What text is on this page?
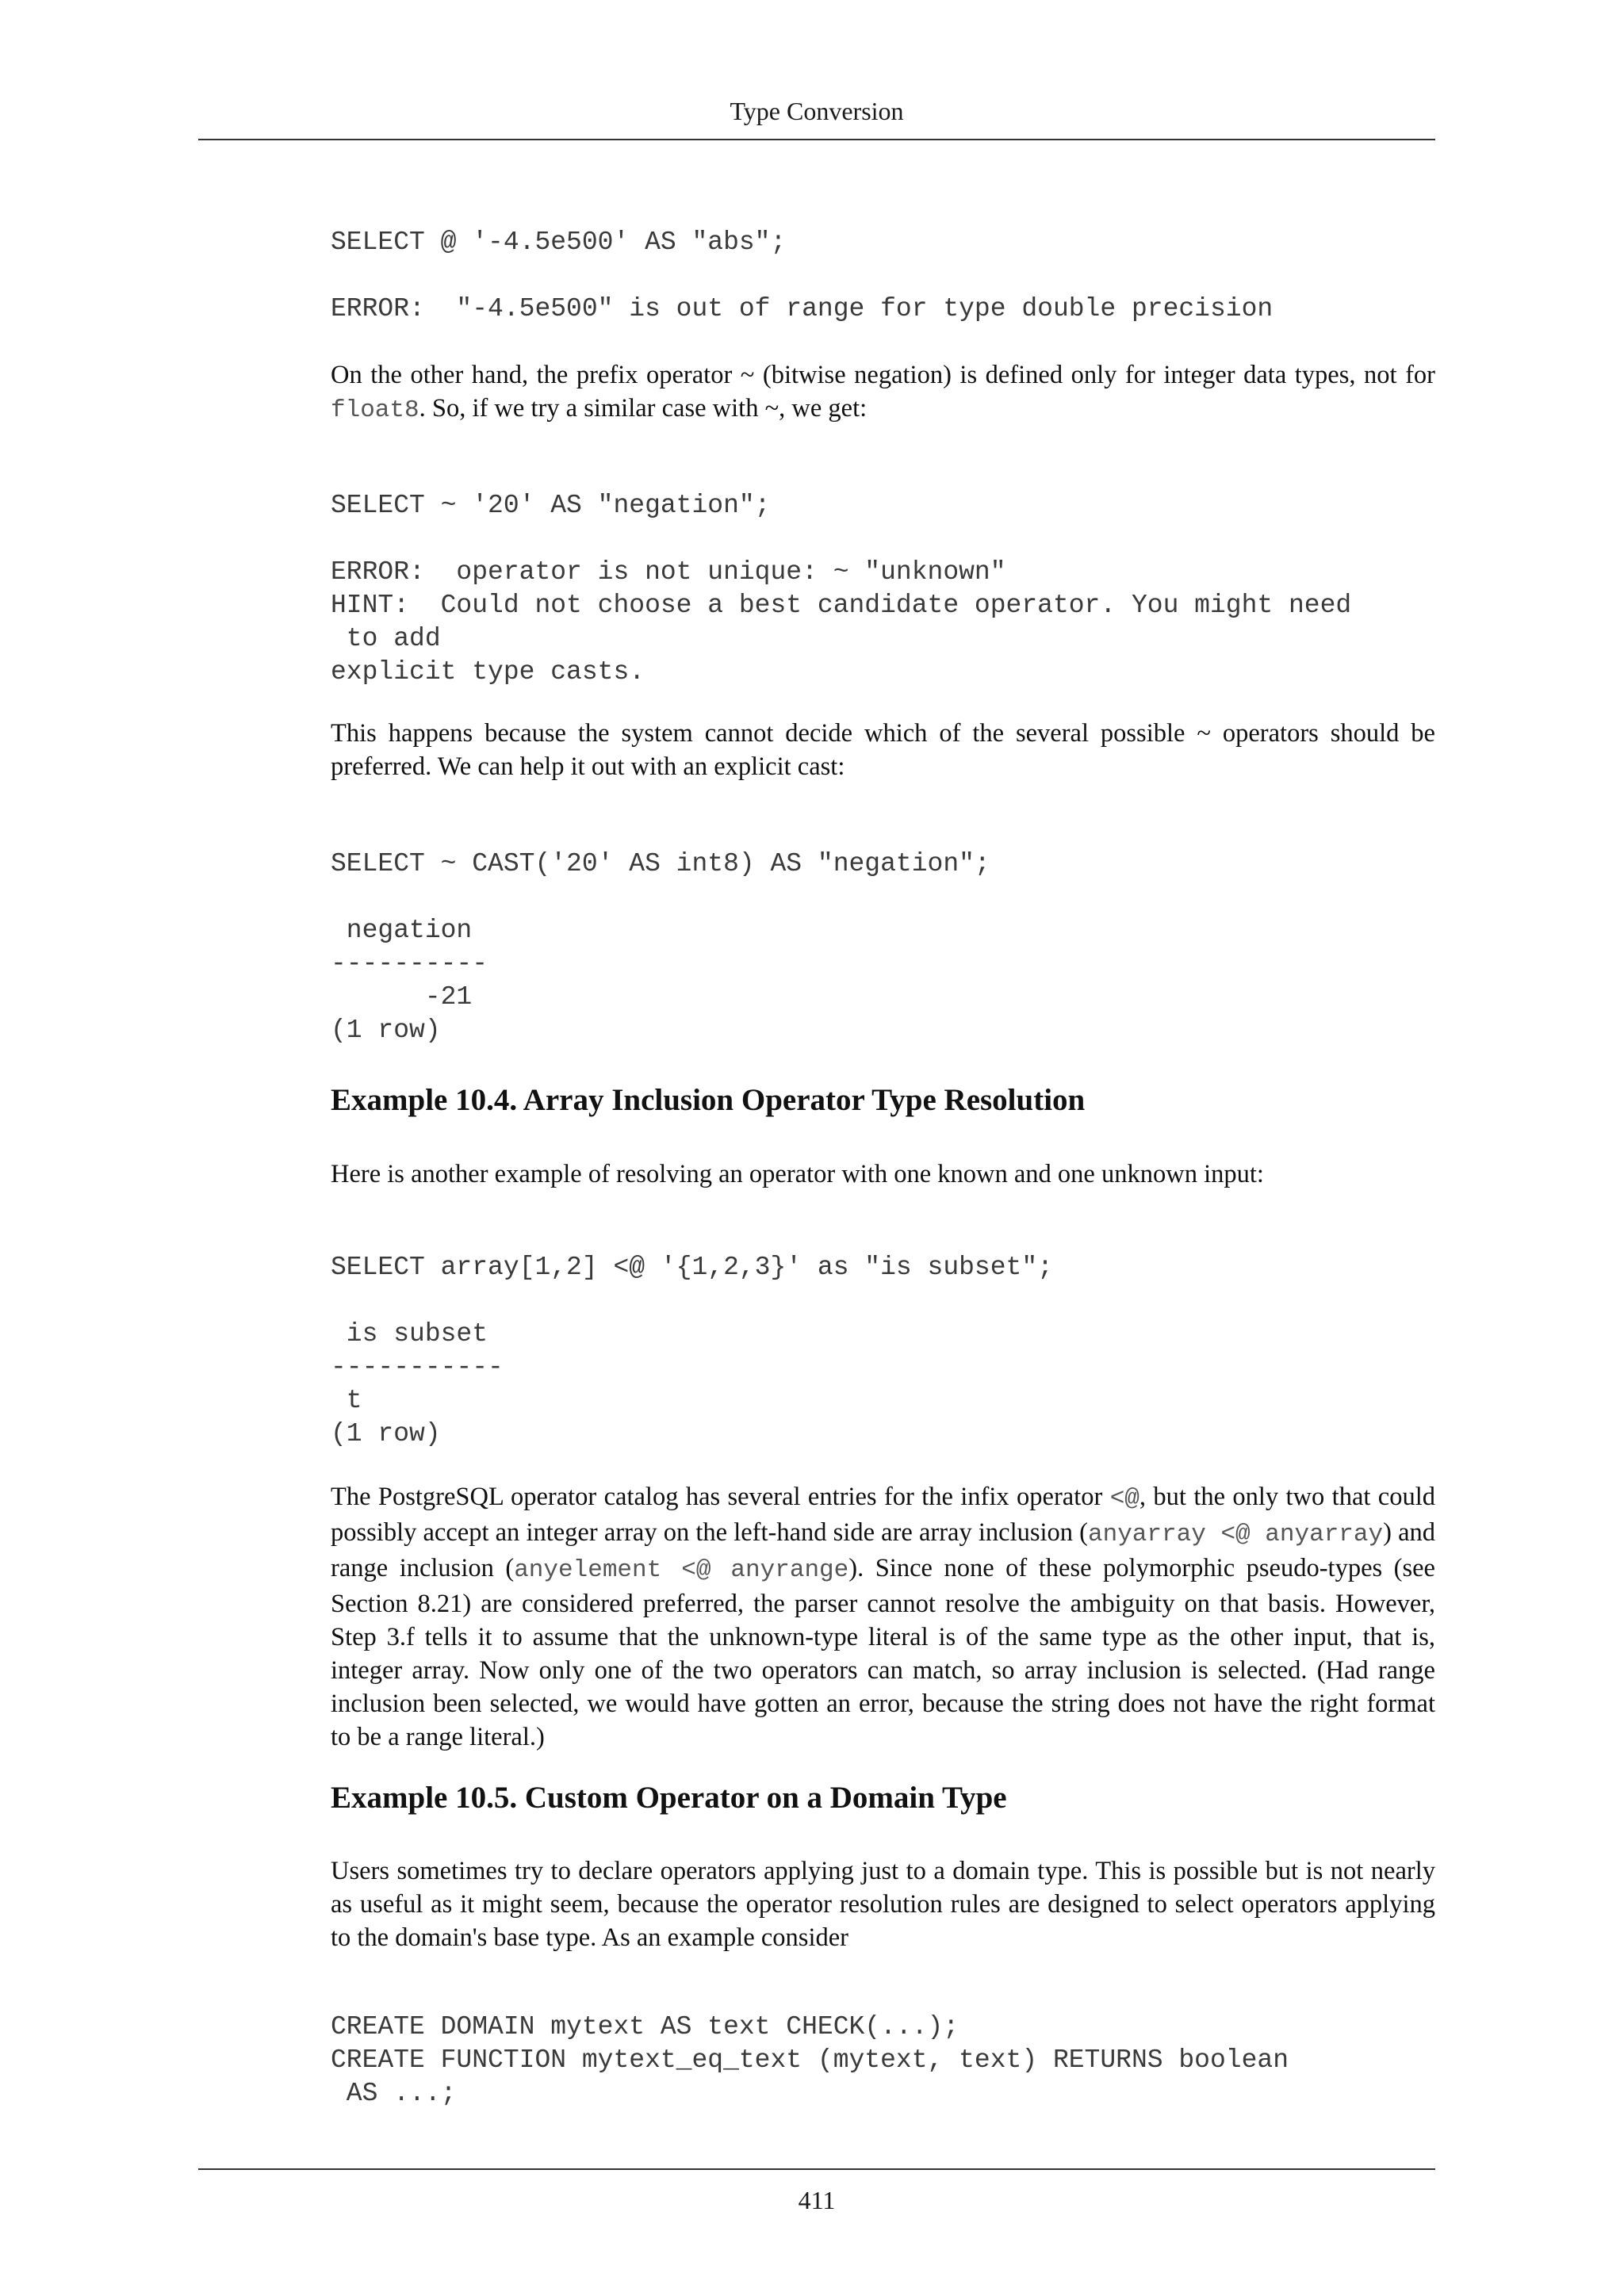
Type Conversion
SELECT @ '-4.5e500' AS "abs";

ERROR:  "-4.5e500" is out of range for type double precision

On the other hand, the prefix operator ~ (bitwise negation) is defined only for integer data types, not for float8. So, if we try a similar case with ~, we get:

SELECT ~ '20' AS "negation";

ERROR:  operator is not unique: ~ "unknown"
HINT:  Could not choose a best candidate operator. You might need
to add
explicit type casts.

This happens because the system cannot decide which of the several possible ~ operators should be preferred. We can help it out with an explicit cast:

SELECT ~ CAST('20' AS int8) AS "negation";

negation
----------
-21
(1 row)
Example 10.4. Array Inclusion Operator Type Resolution

Here is another example of resolving an operator with one known and one unknown input:

SELECT array[1,2] <@ '{1,2,3}' as "is subset";

is subset
-----------
t
(1 row)

The PostgreSQL operator catalog has several entries for the infix operator <@, but the only two that could possibly accept an integer array on the left-hand side are array inclusion (anyarray <@ anyarray) and range inclusion (anyelement <@ anyrange). Since none of these polymorphic pseudo-types (see Section 8.21) are considered preferred, the parser cannot resolve the ambiguity on that basis. However, Step 3.f tells it to assume that the unknown-type literal is of the same type as the other input, that is, integer array. Now only one of the two operators can match, so array inclusion is selected. (Had range inclusion been selected, we would have gotten an error, because the string does not have the right format to be a range literal.)

Example 10.5. Custom Operator on a Domain Type

Users sometimes try to declare operators applying just to a domain type. This is possible but is not nearly as useful as it might seem, because the operator resolution rules are designed to select operators applying to the domain's base type. As an example consider

CREATE DOMAIN mytext AS text CHECK(...);
CREATE FUNCTION mytext_eq_text (mytext, text) RETURNS boolean
AS ...;
411
